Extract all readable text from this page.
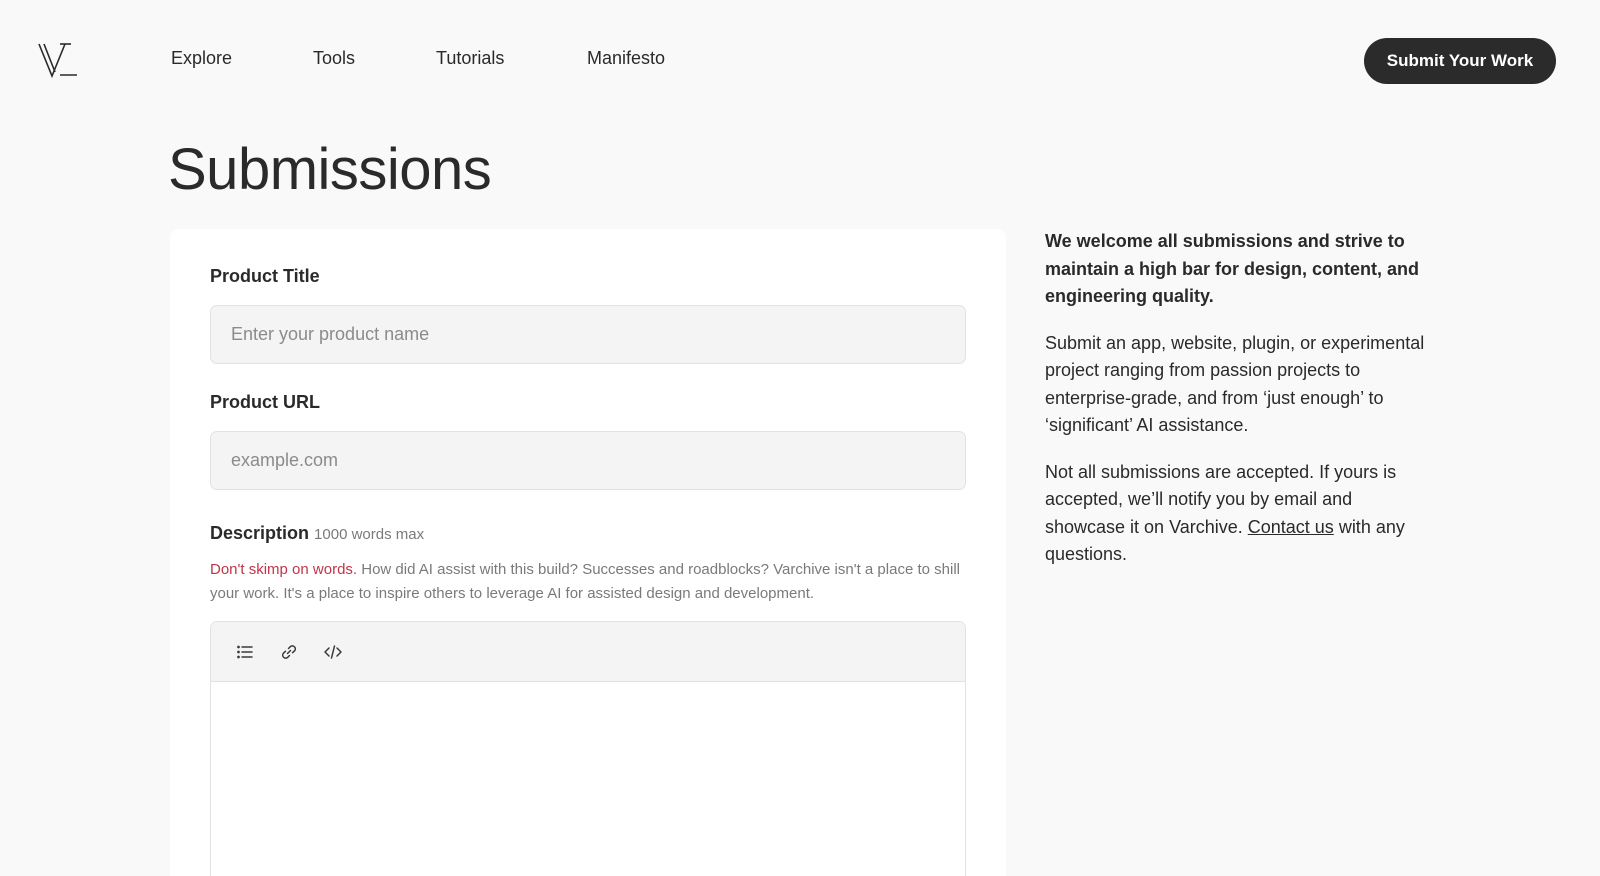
Explore	Tools	Tutorials	Manifesto	Submit Your Work
Submissions
Product Title
Enter your product name
Product URL
example.com
Description 1000 words max
Don't skimp on words. How did AI assist with this build? Successes and roadblocks? Varchive isn't a place to shill your work. It's a place to inspire others to leverage AI for assisted design and development.

We welcome all submissions and strive to maintain a high bar for design, content, and engineering quality.

Submit an app, website, plugin, or experimental project ranging from passion projects to enterprise-grade, and from ‘just enough’ to ‘significant’ AI assistance.

Not all submissions are accepted. If yours is accepted, we’ll notify you by email and showcase it on Varchive. Contact us with any questions.
